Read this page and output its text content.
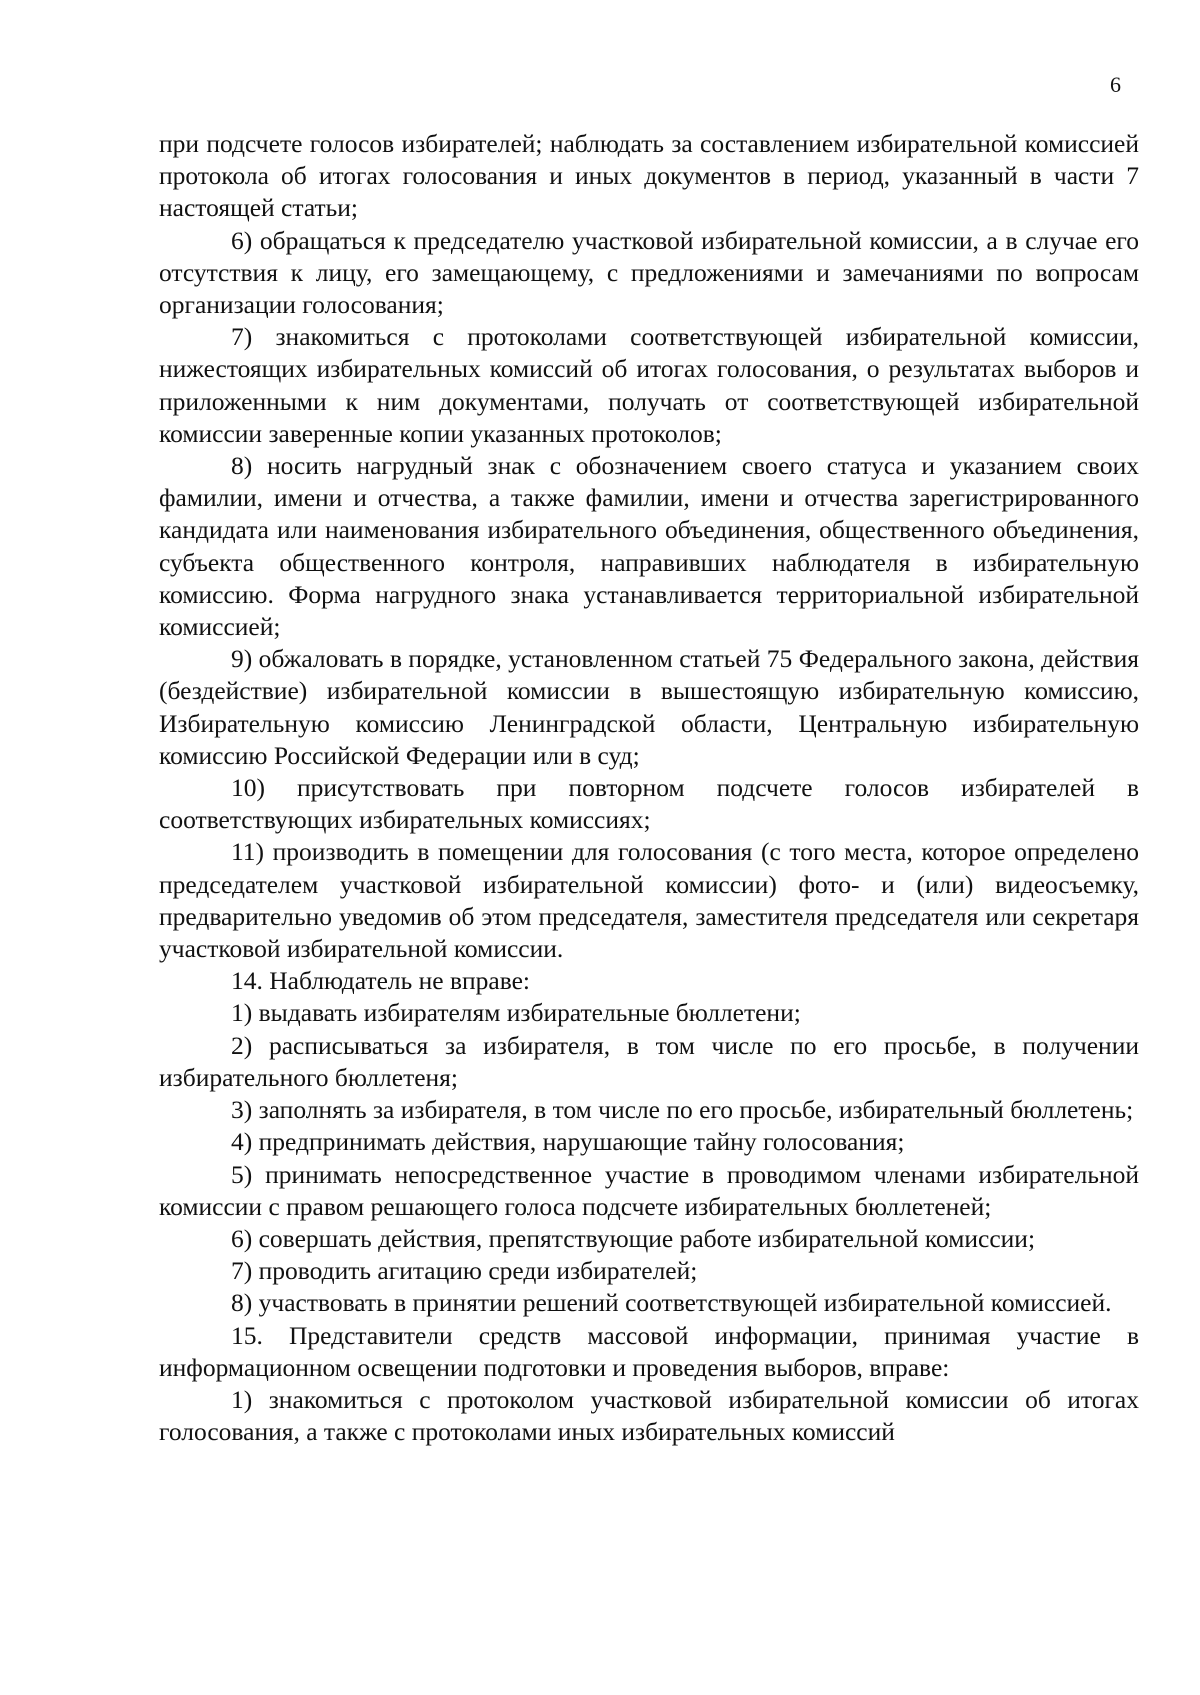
6

при подсчете голосов избирателей; наблюдать за составлением избирательной комиссией протокола об итогах голосования и иных документов в период, указанный в части 7 настоящей статьи;

6) обращаться к председателю участковой избирательной комиссии, а в случае его отсутствия к лицу, его замещающему, с предложениями и замечаниями по вопросам организации голосования;

7) знакомиться с протоколами соответствующей избирательной комиссии, нижестоящих избирательных комиссий об итогах голосования, о результатах выборов и приложенными к ним документами, получать от соответствующей избирательной комиссии заверенные копии указанных протоколов;

8) носить нагрудный знак с обозначением своего статуса и указанием своих фамилии, имени и отчества, а также фамилии, имени и отчества зарегистрированного кандидата или наименования избирательного объединения, общественного объединения, субъекта общественного контроля, направивших наблюдателя в избирательную комиссию. Форма нагрудного знака устанавливается территориальной избирательной комиссией;

9) обжаловать в порядке, установленном статьей 75 Федерального закона, действия (бездействие) избирательной комиссии в вышестоящую избирательную комиссию, Избирательную комиссию Ленинградской области, Центральную избирательную комиссию Российской Федерации или в суд;

10) присутствовать при повторном подсчете голосов избирателей в соответствующих избирательных комиссиях;

11) производить в помещении для голосования (с того места, которое определено председателем участковой избирательной комиссии) фото- и (или) видеосъемку, предварительно уведомив об этом председателя, заместителя председателя или секретаря участковой избирательной комиссии.

14. Наблюдатель не вправе:

1) выдавать избирателям избирательные бюллетени;

2) расписываться за избирателя, в том числе по его просьбе, в получении избирательного бюллетеня;

3) заполнять за избирателя, в том числе по его просьбе, избирательный бюллетень;

4) предпринимать действия, нарушающие тайну голосования;

5) принимать непосредственное участие в проводимом членами избирательной комиссии с правом решающего голоса подсчете избирательных бюллетеней;

6) совершать действия, препятствующие работе избирательной комиссии;

7) проводить агитацию среди избирателей;

8) участвовать в принятии решений соответствующей избирательной комиссией.

15. Представители средств массовой информации, принимая участие в информационном освещении подготовки и проведения выборов, вправе:

1) знакомиться с протоколом участковой избирательной комиссии об итогах голосования, а также с протоколами иных избирательных комиссий
